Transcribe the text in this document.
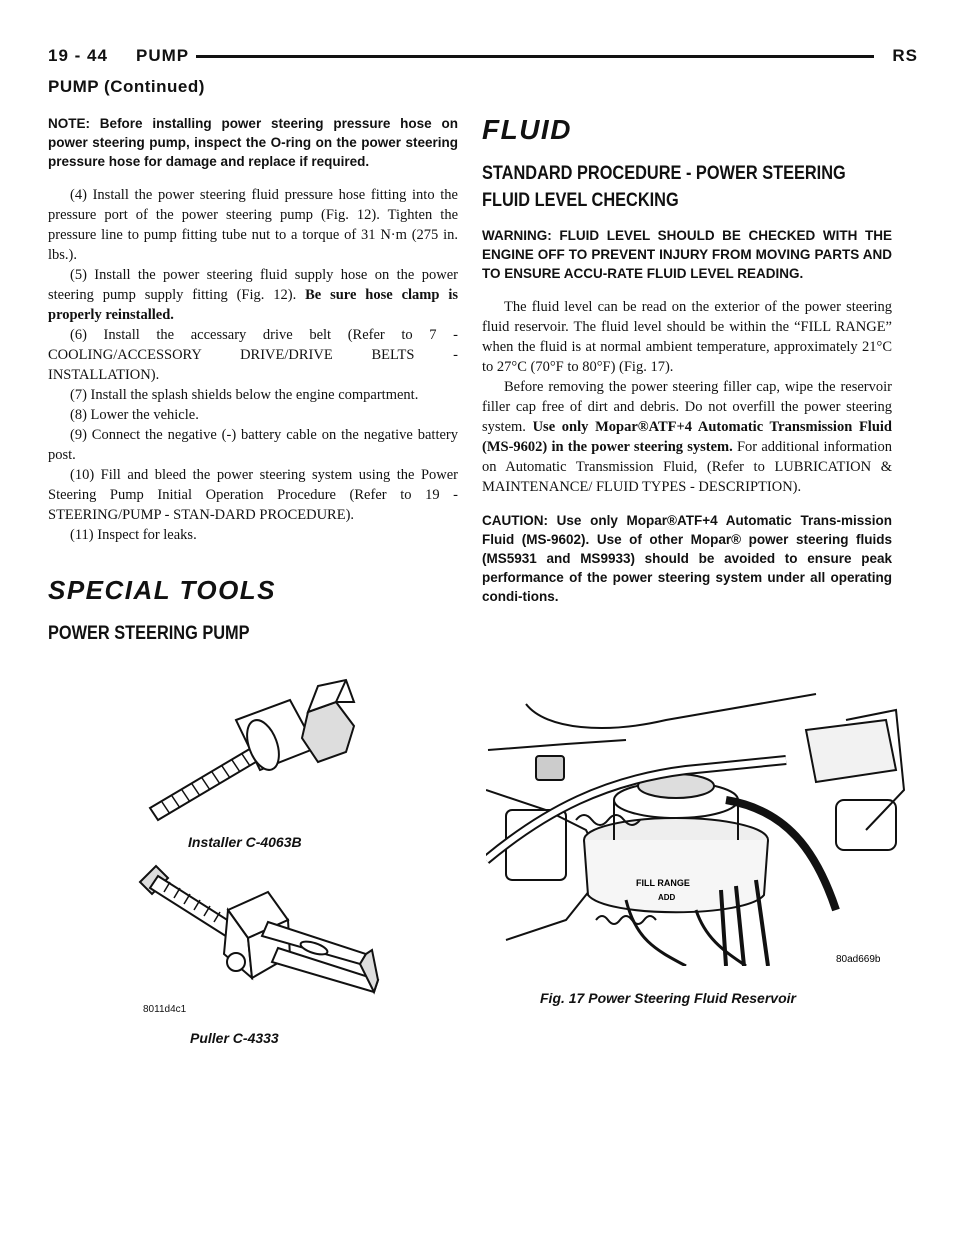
19 - 44 PUMP	RS
PUMP (Continued)

NOTE: Before installing power steering pressure hose on power steering pump, inspect the O-ring on the power steering pressure hose for damage and replace if required.

(4) Install the power steering fluid pressure hose fitting into the pressure port of the power steering pump (Fig. 12). Tighten the pressure line to pump fitting tube nut to a torque of 31 N·m (275 in. lbs.).

(5) Install the power steering fluid supply hose on the power steering pump supply fitting (Fig. 12). Be sure hose clamp is properly reinstalled.

(6) Install the accessary drive belt (Refer to 7 - COOLING/ACCESSORY DRIVE/DRIVE BELTS - INSTALLATION).

(7) Install the splash shields below the engine compartment.

(8) Lower the vehicle.

(9) Connect the negative (-) battery cable on the negative battery post.

(10) Fill and bleed the power steering system using the Power Steering Pump Initial Operation Procedure (Refer to 19 - STEERING/PUMP - STAN-DARD PROCEDURE).

(11) Inspect for leaks.

SPECIAL TOOLS
POWER STEERING PUMP
Installer C-4063B
8011d4c1
Puller C-4333
FLUID
STANDARD PROCEDURE - POWER STEERING
FLUID LEVEL CHECKING

WARNING: FLUID LEVEL SHOULD BE CHECKED WITH THE ENGINE OFF TO PREVENT INJURY FROM MOVING PARTS AND TO ENSURE ACCU-RATE FLUID LEVEL READING.

The fluid level can be read on the exterior of the power steering fluid reservoir. The fluid level should be within the “FILL RANGE” when the fluid is at normal ambient temperature, approximately 21°C to 27°C (70°F to 80°F) (Fig. 17).

Before removing the power steering filler cap, wipe the reservoir filler cap free of dirt and debris. Do not overfill the power steering system. Use only Mopar®ATF+4 Automatic Transmission Fluid (MS-9602) in the power steering system. For additional information on Automatic Transmission Fluid, (Refer to LUBRICATION & MAINTENANCE/ FLUID TYPES - DESCRIPTION).

CAUTION: Use only Mopar®ATF+4 Automatic Trans-mission Fluid (MS-9602). Use of other Mopar® power steering fluids (MS5931 and MS9933) should be avoided to ensure peak performance of the power steering system under all operating condi-tions.

FILL RANGE
ADD
80ad669b
Fig. 17 Power Steering Fluid Reservoir
